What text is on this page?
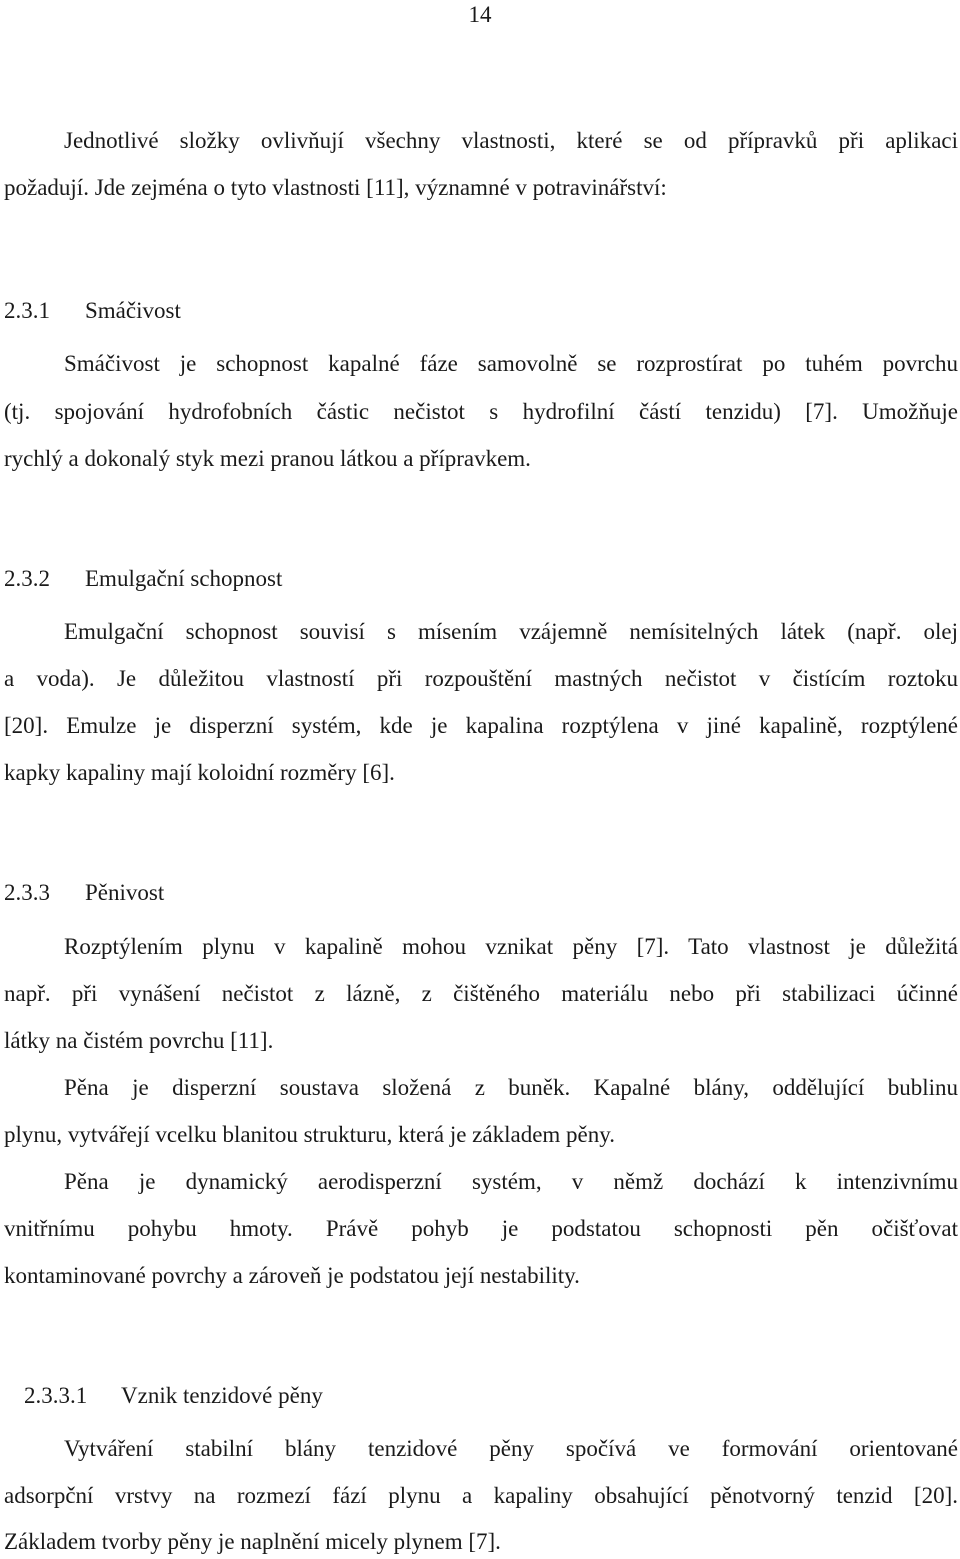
14

Jednotlivé složky ovlivňují všechny vlastnosti, které se od přípravků při aplikaci

požadují. Jde zejména o tyto vlastnosti [11], významné v potravinářství:

2.3.1 Smáčivost

Smáčivost je schopnost kapalné fáze samovolně se rozprostírat po tuhém povrchu

(tj. spojování hydrofobních částic nečistot s hydrofilní částí tenzidu) [7]. Umožňuje

rychlý a dokonalý styk mezi pranou látkou a přípravkem.

2.3.2 Emulgační schopnost

Emulgační schopnost souvisí s mísením vzájemně nemísitelných látek (např. olej

a voda). Je důležitou vlastností při rozpouštění mastných nečistot v čistícím roztoku

[20]. Emulze je disperzní systém, kde je kapalina rozptýlena v jiné kapalině, rozptýlené

kapky kapaliny mají koloidní rozměry [6].

2.3.3 Pěnivost

Rozptýlením plynu v kapalině mohou vznikat pěny [7]. Tato vlastnost je důležitá

např. při vynášení nečistot z lázně, z čištěného materiálu nebo při stabilizaci účinné

látky na čistém povrchu [11].

Pěna je disperzní soustava složená z buněk. Kapalné blány, oddělující bublinu

plynu, vytvářejí vcelku blanitou strukturu, která je základem pěny.

Pěna je dynamický aerodisperzní systém, v němž dochází k intenzivnímu

vnitřnímu pohybu hmoty. Právě pohyb je podstatou schopnosti pěn očišťovat

kontaminované povrchy a zároveň je podstatou její nestability.

2.3.3.1 Vznik tenzidové pěny

Vytváření stabilní blány tenzidové pěny spočívá ve formování orientované

adsorpční vrstvy na rozmezí fází plynu a kapaliny obsahující pěnotvorný tenzid [20].

Základem tvorby pěny je naplnění micely plynem [7].
